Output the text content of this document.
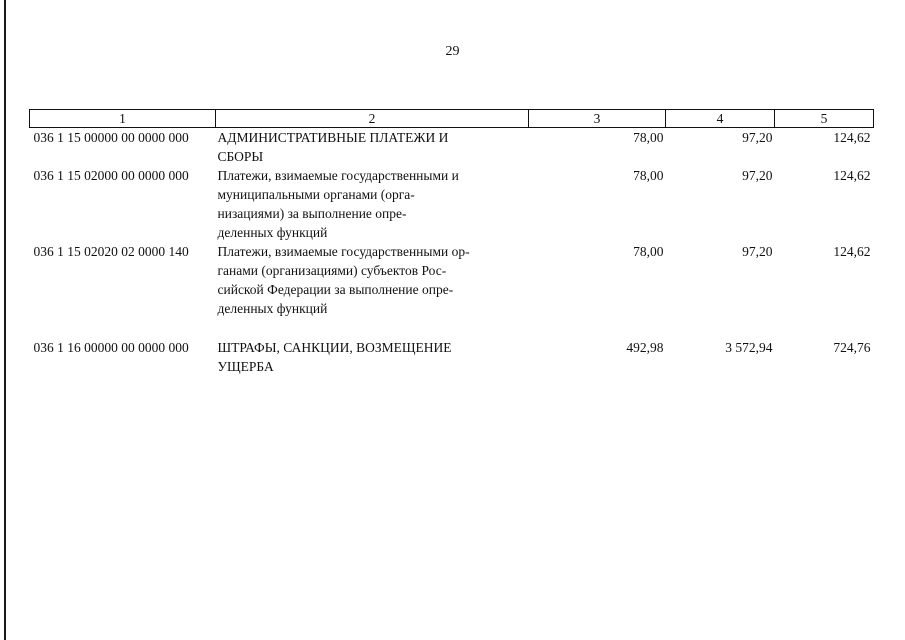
29
1	2	3	4	5
036 1 15 00000 00 0000 000	АДМИНИСТРАТИВНЫЕ ПЛАТЕЖИ И
СБОРЫ	78,00	97,20	124,62
036 1 15 02000 00 0000 000	Платежи, взимаемые государственными и
муниципальными органами (орга-
низациями) за выполнение опре-
деленных функций	78,00	97,20	124,62
036 1 15 02020 02 0000 140	Платежи, взимаемые государственными ор-
ганами (организациями) субъектов Рос-
сийской Федерации за выполнение опре-
деленных функций	78,00	97,20	124,62

036 1 16 00000 00 0000 000	ШТРАФЫ, САНКЦИИ, ВОЗМЕЩЕНИЕ
УЩЕРБА	492,98	3 572,94	724,76
